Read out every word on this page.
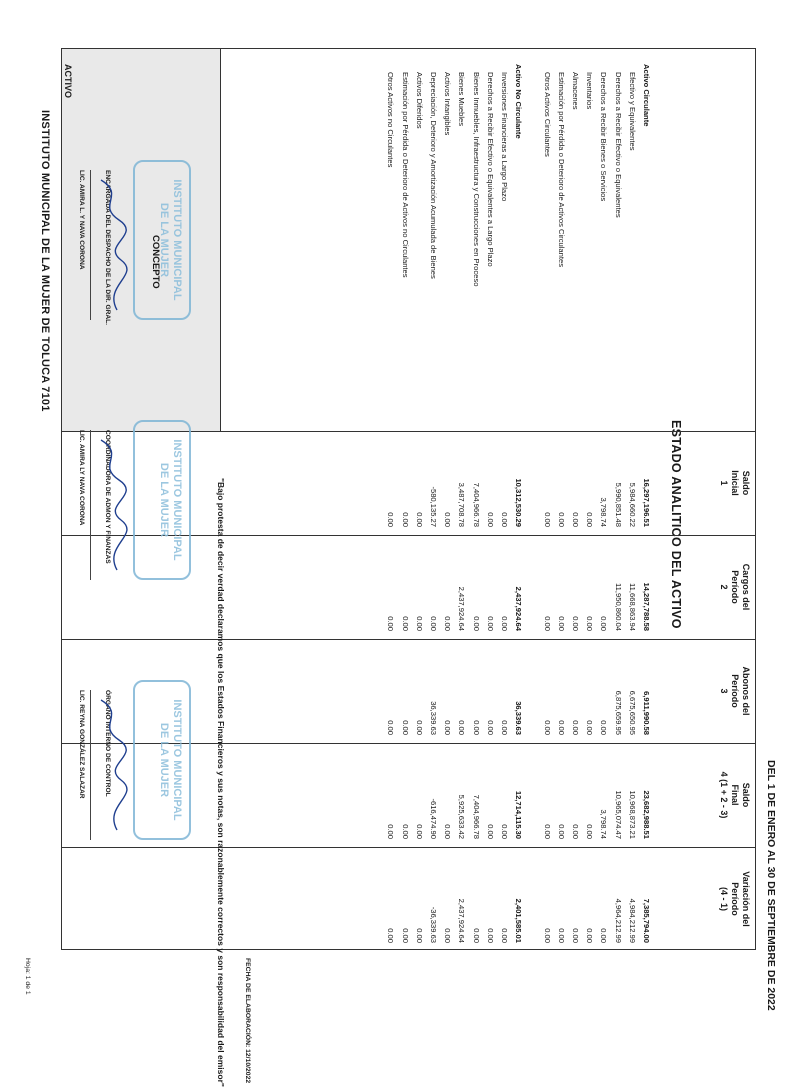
INSTITUTO MUNICIPAL DE LA MUJER DE TOLUCA 7101
ESTADO ANALITICO DEL ACTIVO
DEL 1 DE ENERO AL 30 DE SEPTIEMBRE DE 2022
CONCEPTO
ACTIVO
Saldo
Inicial
1
Cargos del
Período
2
Abonos del
Período
3
Saldo
Final
4 (1 + 2 - 3)
Variación del
Período
(4 - 1)
Activo Circulante
16,297,196.51
14,287,788.58
6,911,990.58
23,682,988.51
7,385,794.00
Efectivo y Equivalentes
5,984,660.22
11,668,863.94
6,675,650.95
10,968,873.21
4,984,212.99
Derechos a Recibir Efectivo o Equivalentes
5,990,851.48
11,950,860.04
6,875,659.95
10,965,074.47
4,964,212.99
Derechos a Recibir Bienes o Servicios
3,798.74
0.00
0.00
3,798.74
0.00
Inventarios
0.00
0.00
0.00
0.00
0.00
Almacenes
0.00
0.00
0.00
0.00
0.00
Estimación por Pérdida o Deterioro de Activos Circulantes
0.00
0.00
0.00
0.00
0.00
Otros Activos Circulantes
0.00
0.00
0.00
0.00
0.00
Activo No Circulante
10,312,530.29
2,437,924.64
36,339.63
12,714,115.30
2,401,585.01
Inversiones Financieras a Largo Plazo
0.00
0.00
0.00
0.00
0.00
Derechos a Recibir Efectivo o Equivalentes a Largo Plazo
0.00
0.00
0.00
0.00
0.00
Bienes Inmuebles, Infraestructura y Construcciones en Proceso
7,404,966.78
0.00
0.00
7,404,966.78
0.00
Bienes Muebles
3,487,708.78
2,437,924.64
0.00
5,925,633.42
2,437,924.64
Activos Intangibles
0.00
0.00
0.00
0.00
0.00
Depreciación, Deterioro y Amortización Acumulada de Bienes
-580,135.27
0.00
36,339.63
-616,474.90
-36,339.63
Activos Diferidos
0.00
0.00
0.00
0.00
0.00
Estimación por Pérdida o Deterioro de Activos no Circulantes
0.00
0.00
0.00
0.00
0.00
Otros Activos no Circulantes
0.00
0.00
0.00
0.00
0.00
"Bajo protesta de decir verdad declaramos que los Estados Financieros y sus notas, son razonablemente correctos y son responsabilidad del emisor"
INSTITUTO MUNICIPAL
DE LA MUJER
ENCARGADA DEL DESPACHO DE LA DIR. GRAL.
LIC. AMIRA L. Y NAVA CORONA
INSTITUTO MUNICIPAL
DE LA MUJER
COORDINADORA DE ADMON Y FINANZAS
LIC. AMIRA LY NAVA CORONA
INSTITUTO MUNICIPAL
DE LA MUJER
ÓRGANO INTERNO DE CONTROL
LIC. REYNA GONZÁLEZ SALAZAR
FECHA DE ELABORACIÓN: 12/10/2022
Hoja: 1 de 1
